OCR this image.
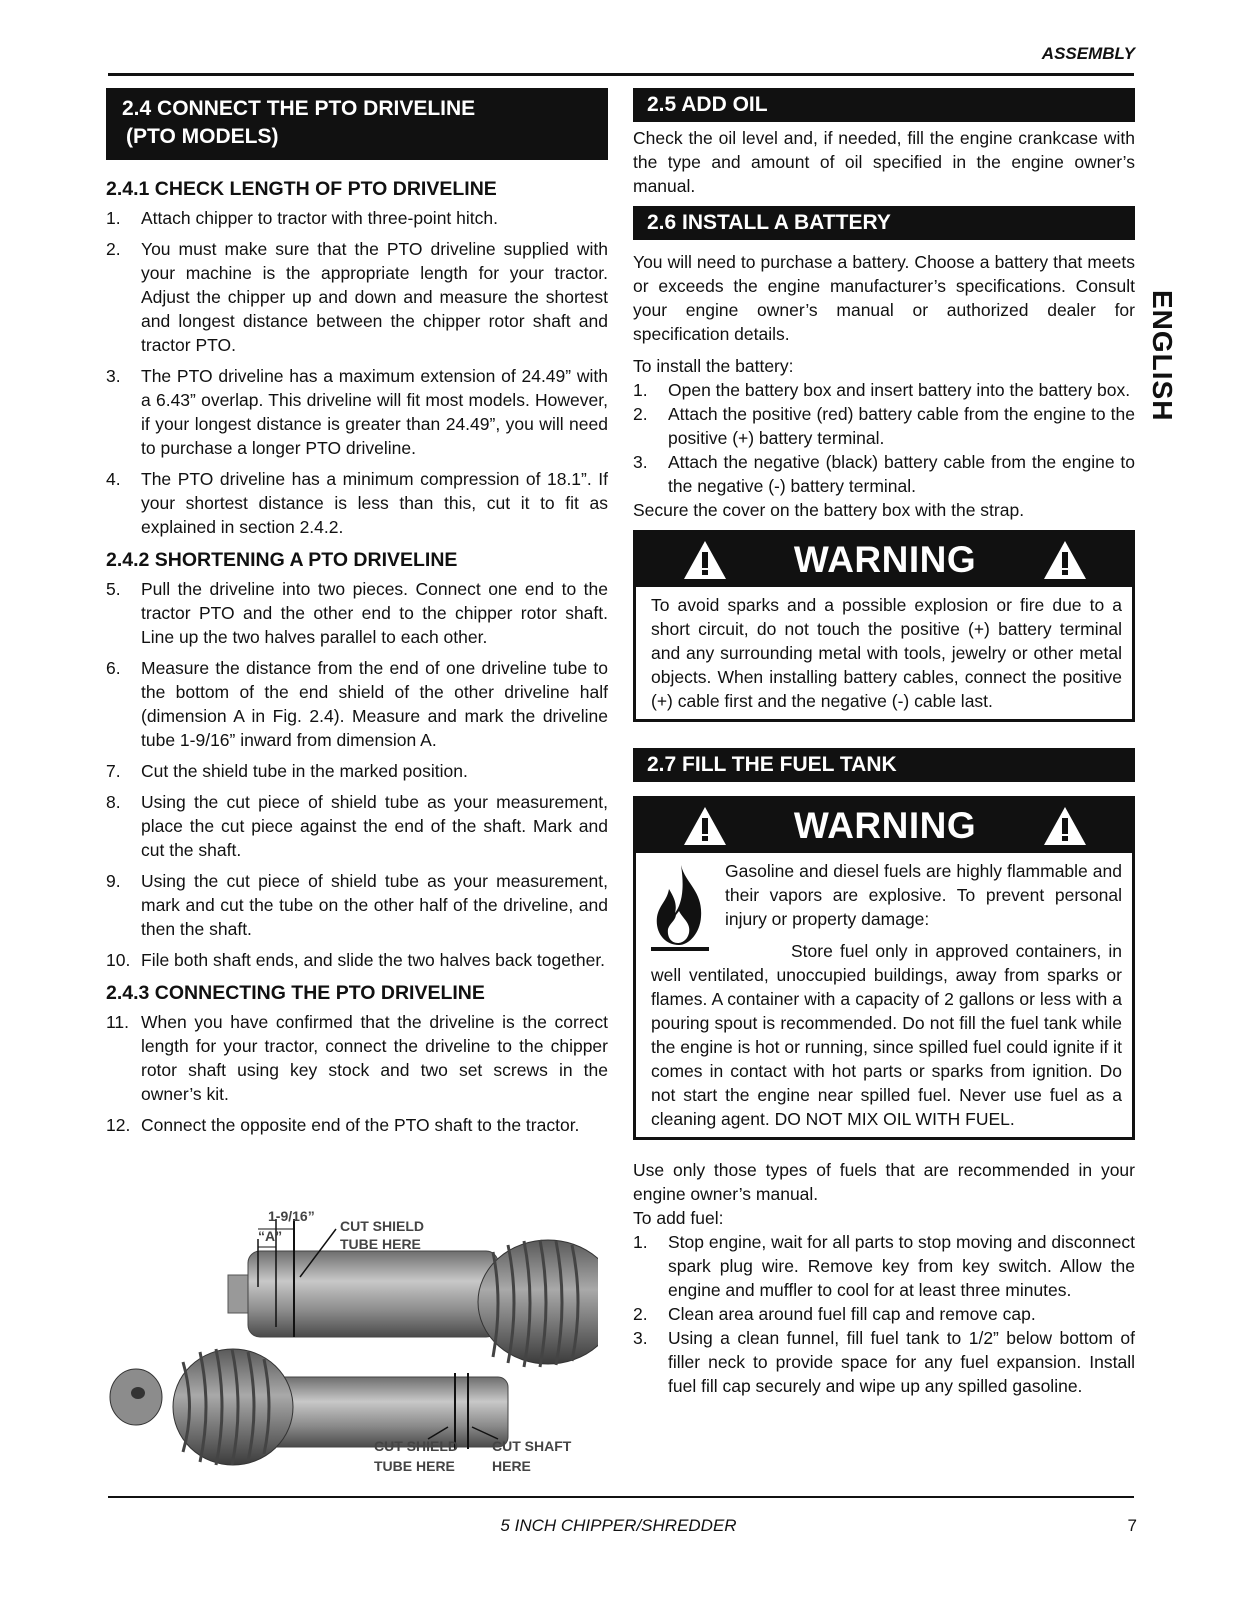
ASSEMBLY
ENGLISH
2.4 CONNECT THE PTO DRIVELINE
(PTO MODELS)
2.4.1 CHECK LENGTH OF PTO DRIVELINE
1. Attach chipper to tractor with three-point hitch.
2. You must make sure that the PTO driveline supplied with your machine is the appropriate length for your tractor. Adjust the chipper up and down and measure the shortest and longest distance between the chipper rotor shaft and tractor PTO.
3. The PTO driveline has a maximum extension of 24.49” with a 6.43” overlap. This driveline will fit most models. However, if your longest distance is greater than 24.49”, you will need to purchase a longer PTO driveline.
4. The PTO driveline has a minimum compression of 18.1”. If your shortest distance is less than this, cut it to fit as explained in section 2.4.2.
2.4.2 SHORTENING A PTO DRIVELINE
5. Pull the driveline into two pieces. Connect one end to the tractor PTO and the other end to the chipper rotor shaft. Line up the two halves parallel to each other.
6. Measure the distance from the end of one driveline tube to the bottom of the end shield of the other driveline half (dimension A in Fig. 2.4). Measure and mark the driveline tube 1-9/16” inward from dimension A.
7. Cut the shield tube in the marked position.
8. Using the cut piece of shield tube as your measurement, place the cut piece against the end of the shaft. Mark and cut the shaft.
9. Using the cut piece of shield tube as your measurement, mark and cut the tube on the other half of the driveline, and then the shaft.
10. File both shaft ends, and slide the two halves back together.
2.4.3 CONNECTING THE PTO DRIVELINE
11. When you have confirmed that the driveline is the correct length for your tractor, connect the driveline to the chipper rotor shaft using key stock and two set screws in the owner’s kit.
12. Connect the opposite end of the PTO shaft to the tractor.
1-9/16”
“A”
CUT SHIELD
TUBE HERE
CUT SHIELD
TUBE HERE
CUT SHAFT
HERE
2.5 ADD OIL

Check the oil level and, if needed, fill the engine crankcase with the type and amount of oil specified in the engine owner’s manual.

2.6 INSTALL A BATTERY

You will need to purchase a battery. Choose a battery that meets or exceeds the engine manufacturer’s specifications. Consult your engine owner’s manual or authorized dealer for specification details.

To install the battery:

1. Open the battery box and insert battery into the battery box.
2. Attach the positive (red) battery cable from the engine to the positive (+) battery terminal.
3. Attach the negative (black) battery cable from the engine to the negative (-) battery terminal.

Secure the cover on the battery box with the strap.

WARNING
To avoid sparks and a possible explosion or fire due to a short circuit, do not touch the positive (+) battery terminal and any surrounding metal with tools, jewelry or other metal objects. When installing battery cables, connect the positive (+) cable first and the negative (-) cable last.
2.7 FILL THE FUEL TANK
WARNING
Gasoline and diesel fuels are highly flammable and their vapors are explosive. To prevent personal injury or property damage:
Store fuel only in approved containers, in well ventilated, unoccupied buildings, away from sparks or flames. A container with a capacity of 2 gallons or less with a pouring spout is recommended. Do not fill the fuel tank while the engine is hot or running, since spilled fuel could ignite if it comes in contact with hot parts or sparks from ignition. Do not start the engine near spilled fuel. Never use fuel as a cleaning agent. DO NOT MIX OIL WITH FUEL.

Use only those types of fuels that are recommended in your engine owner’s manual.

To add fuel:

1. Stop engine, wait for all parts to stop moving and disconnect spark plug wire. Remove key from key switch. Allow the engine and muffler to cool for at least three minutes.
2. Clean area around fuel fill cap and remove cap.
3. Using a clean funnel, fill fuel tank to 1/2” below bottom of filler neck to provide space for any fuel expansion. Install fuel fill cap securely and wipe up any spilled gasoline.
5 INCH CHIPPER/SHREDDER	7
